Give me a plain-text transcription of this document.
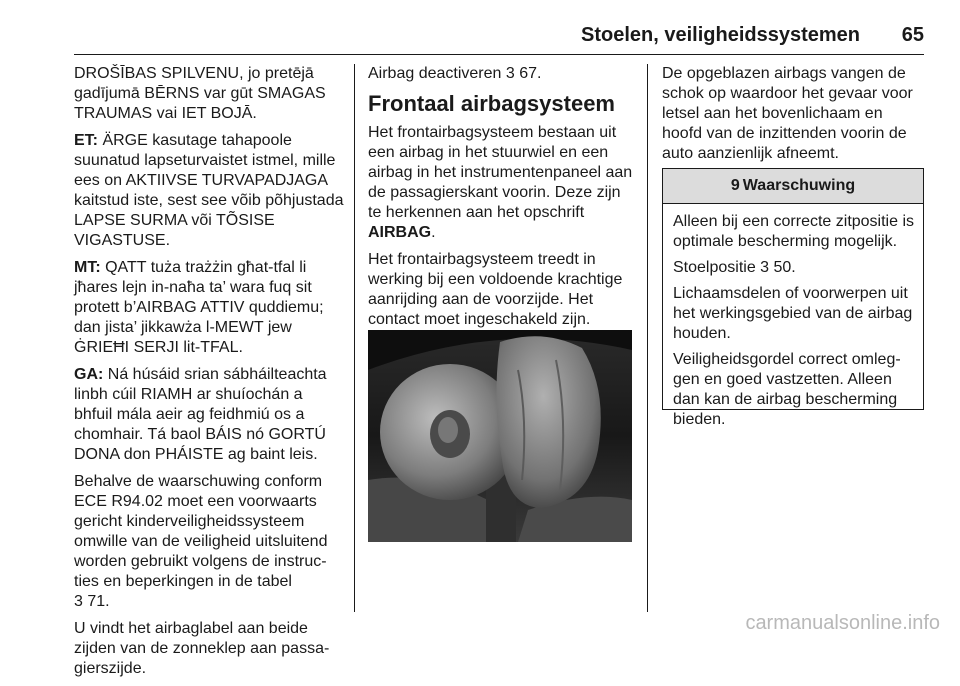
Stoelen, veiligheidssystemen	65

DROŠĪBAS SPILVENU, jo pretējā gadījumā BĒRNS var gūt SMAGAS TRAUMAS vai IET BOJĀ.

ET: ÄRGE kasutage tahapoole suunatud lapseturvaistet istmel, mille ees on AKTIIVSE TURVAPADJAGA kaitstud iste, sest see võib põhjustada LAPSE SURMA või TÕSISE VIGASTUSE.

MT: QATT tuża trażżin għat-tfal li jħares lejn in-naħa ta’ wara fuq sit protett b’AIRBAG ATTIV quddiemu; dan jista’ jikkawża l-MEWT jew ĠRIEĦI SERJI lit-TFAL.

GA: Ná húsáid srian sábháilteachta linbh cúil RIAMH ar shuíochán a bhfuil mála aeir ag feidhmiú os a chomhair. Tá baol BÁIS nó GORTÚ DONA don PHÁISTE ag baint leis.

Behalve de waarschuwing conform ECE R94.02 moet een voorwaarts gericht kinderveiligheidssysteem omwille van de veiligheid uitsluitend worden gebruikt volgens de instructies en beperkingen in de tabel
3 71.

U vindt het airbaglabel aan beide zijden van de zonneklep aan passagierszijde.

Airbag deactiveren 3 67.

Frontaal airbagsysteem

Het frontairbagsysteem bestaan uit een airbag in het stuurwiel en een airbag in het instrumentenpaneel aan de passagierskant voorin. Deze zijn te herkennen aan het opschrift
AIRBAG.

Het frontairbagsysteem treedt in werking bij een voldoende krachtige aanrijding aan de voorzijde. Het contact moet ingeschakeld zijn.

De opgeblazen airbags vangen de schok op waardoor het gevaar voor letsel aan het bovenlichaam en hoofd van de inzittenden voorin de auto aanzienlijk afneemt.

9 Waarschuwing

Alleen bij een correcte zitpositie is optimale bescherming mogelijk.

Stoelpositie 3 50.

Lichaamsdelen of voorwerpen uit het werkingsgebied van de airbag houden.

Veiligheidsgordel correct omleggen en goed vastzetten. Alleen dan kan de airbag bescherming bieden.

carmanualsonline.info
